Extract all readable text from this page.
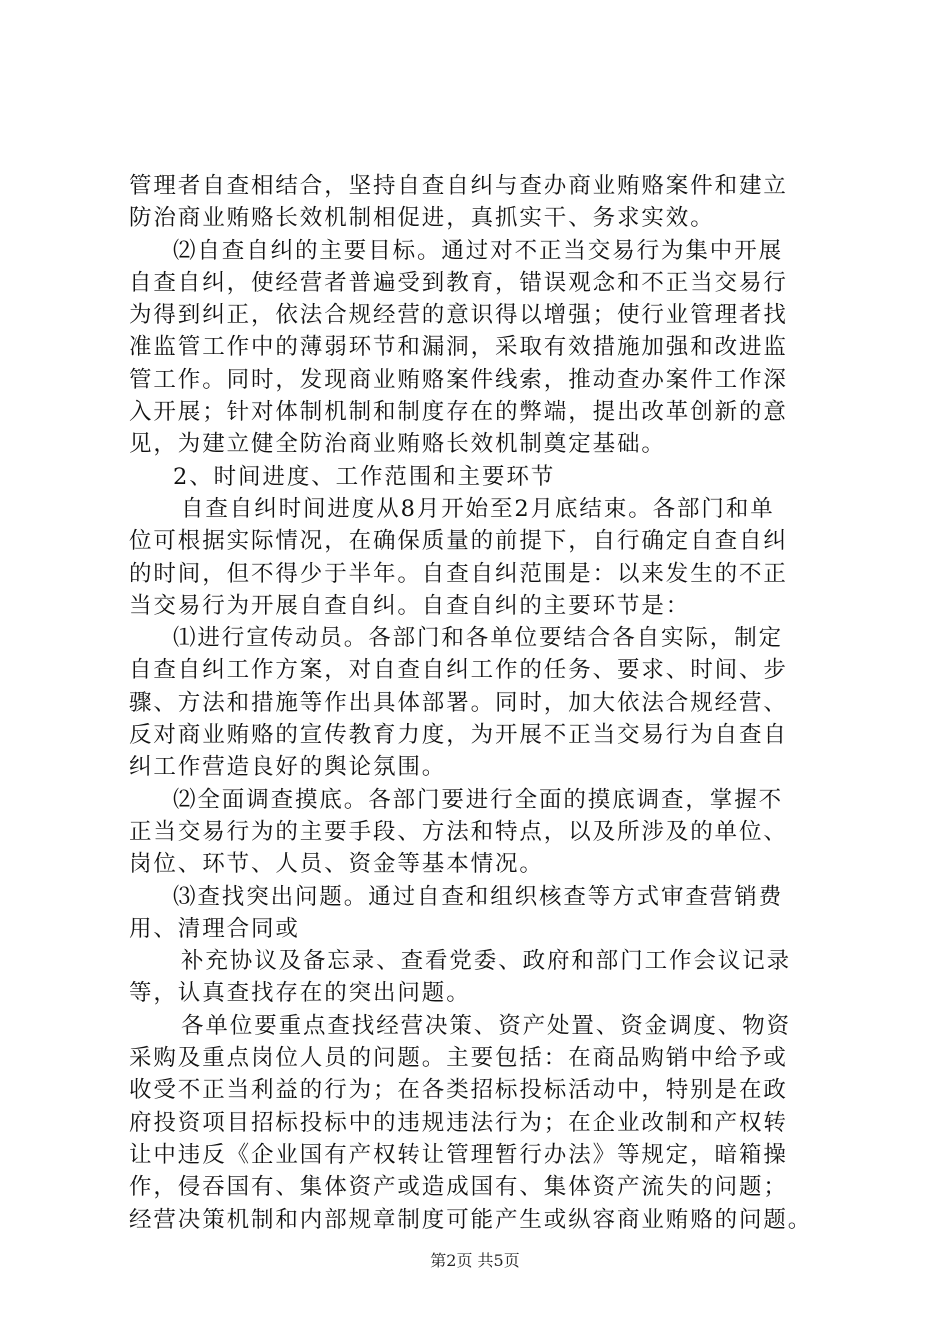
管理者自查相结合，坚持自查自纠与查办商业贿赂案件和建立
防治商业贿赂长效机制相促进，真抓实干、务求实效。
⑵自查自纠的主要目标。通过对不正当交易行为集中开展
自查自纠，使经营者普遍受到教育，错误观念和不正当交易行
为得到纠正，依法合规经营的意识得以增强；使行业管理者找
准监管工作中的薄弱环节和漏洞，采取有效措施加强和改进监
管工作。同时，发现商业贿赂案件线索，推动查办案件工作深
入开展；针对体制机制和制度存在的弊端，提出改革创新的意
见，为建立健全防治商业贿赂长效机制奠定基础。
2、时间进度、工作范围和主要环节
自查自纠时间进度从8月开始至2月底结束。各部门和单
位可根据实际情况，在确保质量的前提下，自行确定自查自纠
的时间，但不得少于半年。自查自纠范围是：以来发生的不正
当交易行为开展自查自纠。自查自纠的主要环节是：
⑴进行宣传动员。各部门和各单位要结合各自实际，制定
自查自纠工作方案，对自查自纠工作的任务、要求、时间、步
骤、方法和措施等作出具体部署。同时，加大依法合规经营、
反对商业贿赂的宣传教育力度，为开展不正当交易行为自查自
纠工作营造良好的舆论氛围。
⑵全面调查摸底。各部门要进行全面的摸底调查，掌握不
正当交易行为的主要手段、方法和特点，以及所涉及的单位、
岗位、环节、人员、资金等基本情况。
⑶查找突出问题。通过自查和组织核查等方式审查营销费
用、清理合同或
补充协议及备忘录、查看党委、政府和部门工作会议记录
等，认真查找存在的突出问题。
各单位要重点查找经营决策、资产处置、资金调度、物资
采购及重点岗位人员的问题。主要包括：在商品购销中给予或
收受不正当利益的行为；在各类招标投标活动中，特别是在政
府投资项目招标投标中的违规违法行为；在企业改制和产权转
让中违反《企业国有产权转让管理暂行办法》等规定，暗箱操
作，侵吞国有、集体资产或造成国有、集体资产流失的问题；
经营决策机制和内部规章制度可能产生或纵容商业贿赂的问题。
第2页 共5页
